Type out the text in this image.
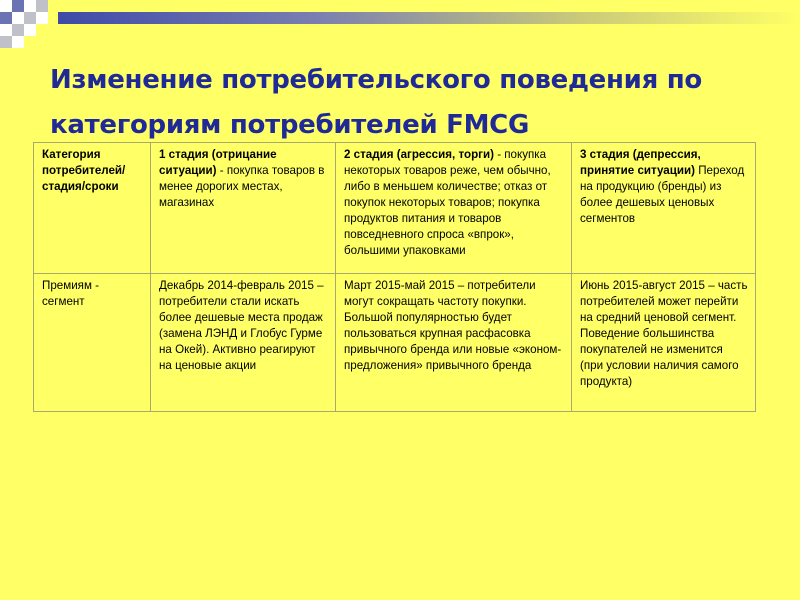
Изменение потребительского поведения по категориям потребителей FMCG
Категория потребителей/ стадия/сроки	1 стадия (отрицание ситуации) - покупка товаров в менее дорогих местах, магазинах	2 стадия (агрессия, торги) - покупка некоторых товаров реже, чем обычно, либо в меньшем количестве; отказ от покупок некоторых товаров; покупка продуктов питания и товаров повседневного спроса «впрок», большими упаковками	3 стадия (депрессия, принятие ситуации) Переход на продукцию (бренды) из более дешевых ценовых сегментов
Премиям - сегмент	Декабрь 2014-февраль 2015 – потребители стали искать более дешевые места продаж (замена ЛЭНД и Глобус Гурме на Окей). Активно реагируют на ценовые акции	Март 2015-май 2015 – потребители могут сокращать частоту покупки. Большой популярностью будет пользоваться крупная расфасовка привычного бренда или новые «эконом-предложения» привычного бренда	Июнь 2015-август 2015 – часть потребителей может перейти на средний ценовой сегмент. Поведение большинства покупателей не изменится (при условии наличия самого продукта)
